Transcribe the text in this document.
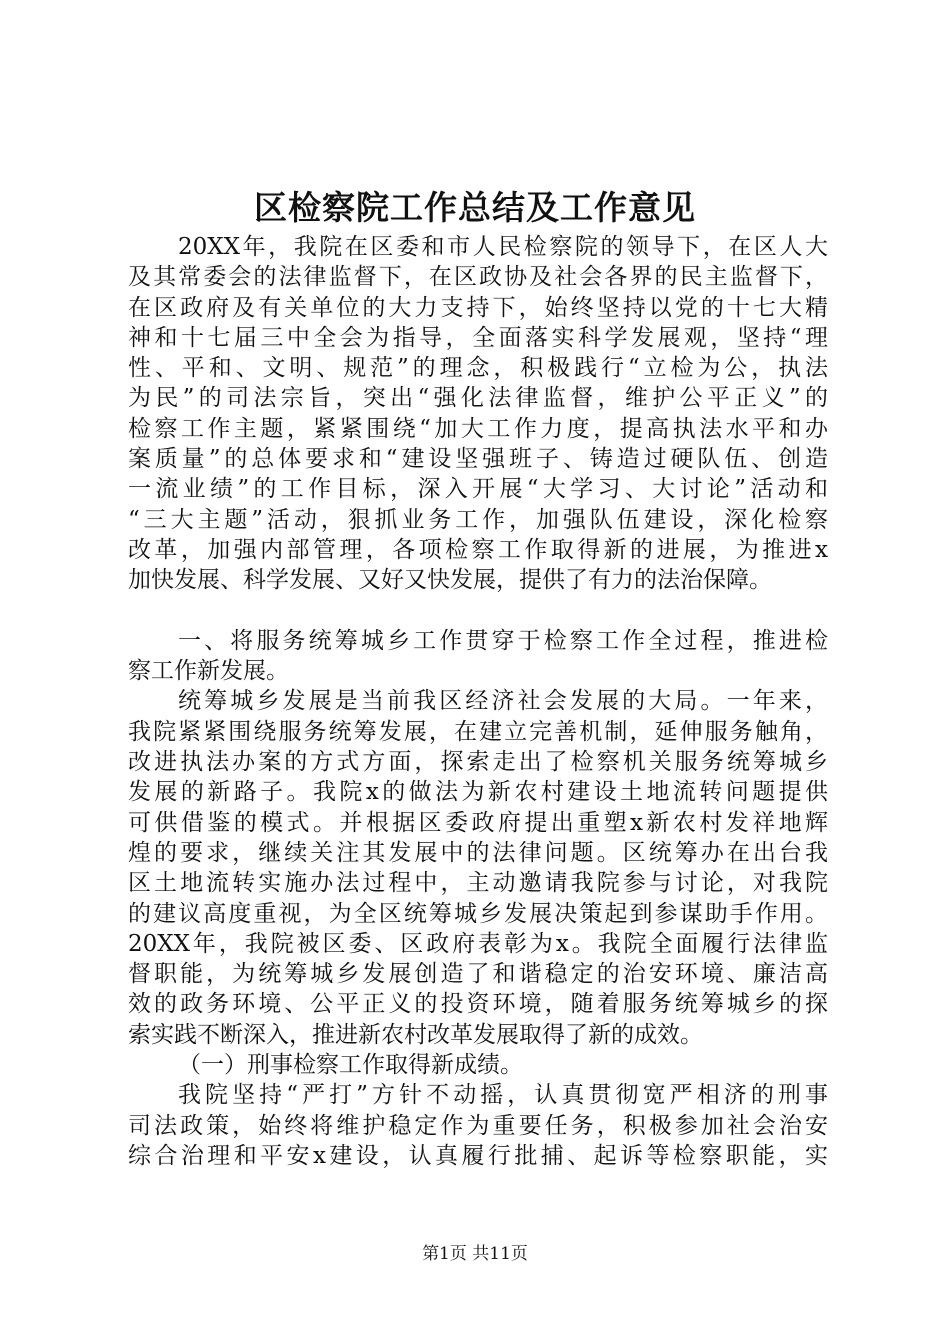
区检察院工作总结及工作意见
20XX年，我院在区委和市人民检察院的领导下，在区人大
及其常委会的法律监督下，在区政协及社会各界的民主监督下，
在区政府及有关单位的大力支持下，始终坚持以党的十七大精
神和十七届三中全会为指导，全面落实科学发展观，坚持“理
性、平和、文明、规范”的理念，积极践行“立检为公，执法
为民”的司法宗旨，突出“强化法律监督，维护公平正义”的
检察工作主题，紧紧围绕“加大工作力度，提高执法水平和办
案质量”的总体要求和“建设坚强班子、铸造过硬队伍、创造
一流业绩”的工作目标，深入开展“大学习、大讨论”活动和
“三大主题”活动，狠抓业务工作，加强队伍建设，深化检察
改革，加强内部管理，各项检察工作取得新的进展，为推进x
加快发展、科学发展、又好又快发展，提供了有力的法治保障。
一、将服务统筹城乡工作贯穿于检察工作全过程，推进检
察工作新发展。
统筹城乡发展是当前我区经济社会发展的大局。一年来，
我院紧紧围绕服务统筹发展，在建立完善机制，延伸服务触角，
改进执法办案的方式方面，探索走出了检察机关服务统筹城乡
发展的新路子。我院x的做法为新农村建设土地流转问题提供
可供借鉴的模式。并根据区委政府提出重塑x新农村发祥地辉
煌的要求，继续关注其发展中的法律问题。区统筹办在出台我
区土地流转实施办法过程中，主动邀请我院参与讨论，对我院
的建议高度重视，为全区统筹城乡发展决策起到参谋助手作用。
20XX年，我院被区委、区政府表彰为x。我院全面履行法律监
督职能，为统筹城乡发展创造了和谐稳定的治安环境、廉洁高
效的政务环境、公平正义的投资环境，随着服务统筹城乡的探
索实践不断深入，推进新农村改革发展取得了新的成效。
（一）刑事检察工作取得新成绩。
我院坚持“严打”方针不动摇，认真贯彻宽严相济的刑事
司法政策，始终将维护稳定作为重要任务，积极参加社会治安
综合治理和平安x建设，认真履行批捕、起诉等检察职能，实
第1页 共11页
